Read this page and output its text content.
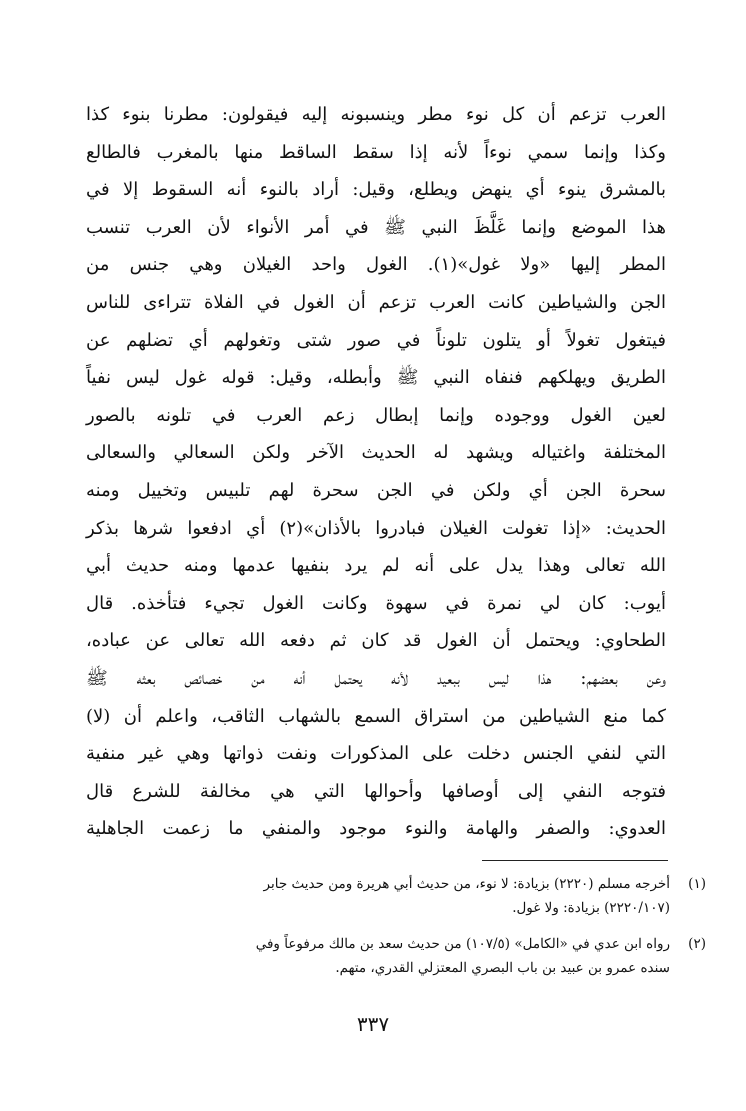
العرب تزعم أن كل نوء مطر وينسبونه إليه فيقولون: مطرنا بنوء كذا
وكذا وإنما سمي نوءاً لأنه إذا سقط الساقط منها بالمغرب فالطالع
بالمشرق ينوء أي ينهض ويطلع، وقيل: أراد بالنوء أنه السقوط إلا في
هذا الموضع وإنما غَلَّظَ النبي ﷺ في أمر الأنواء لأن العرب تنسب
المطر إليها «ولا غول»(١). الغول واحد الغيلان وهي جنس من
الجن والشياطين كانت العرب تزعم أن الغول في الفلاة تتراءى للناس
فيتغول تغولاً أو يتلون تلوناً في صور شتى وتغولهم أي تضلهم عن
الطريق ويهلكهم فنفاه النبي ﷺ وأبطله، وقيل: قوله غول ليس نفياً
لعين الغول ووجوده وإنما إبطال زعم العرب في تلونه بالصور
المختلفة واغتياله ويشهد له الحديث الآخر ولكن السعالي والسعالى
سحرة الجن أي ولكن في الجن سحرة لهم تلبيس وتخييل ومنه
الحديث: «إذا تغولت الغيلان فبادروا بالأذان»(٢) أي ادفعوا شرها بذكر
الله تعالى وهذا يدل على أنه لم يرد بنفيها عدمها ومنه حديث أبي
أيوب: كان لي نمرة في سهوة وكانت الغول تجيء فتأخذه. قال
الطحاوي: ويحتمل أن الغول قد كان ثم دفعه الله تعالى عن عباده،
وعن بعضهم: هذا ليس ببعيد لأنه يحتمل أنه من خصائص بعثه ﷺ
كما منع الشياطين من استراق السمع بالشهاب الثاقب، واعلم أن (لا)
التي لنفي الجنس دخلت على المذكورات ونفت ذواتها وهي غير منفية
فتوجه النفي إلى أوصافها وأحوالها التي هي مخالفة للشرع قال
العدوي: والصفر والهامة والنوء موجود والمنفي ما زعمت الجاهلية
(١)أخرجه مسلم (٢٢٢٠) بزيادة: لا نوء، من حديث أبي هريرة ومن حديث جابر
(٢٢٢٠/١٠٧) بزيادة: ولا غول.
(٢)رواه ابن عدي في «الكامل» (١٠٧/٥) من حديث سعد بن مالك مرفوعاً وفي
سنده عمرو بن عبيد بن باب البصري المعتزلي القدري، متهم.
٣٣٧
